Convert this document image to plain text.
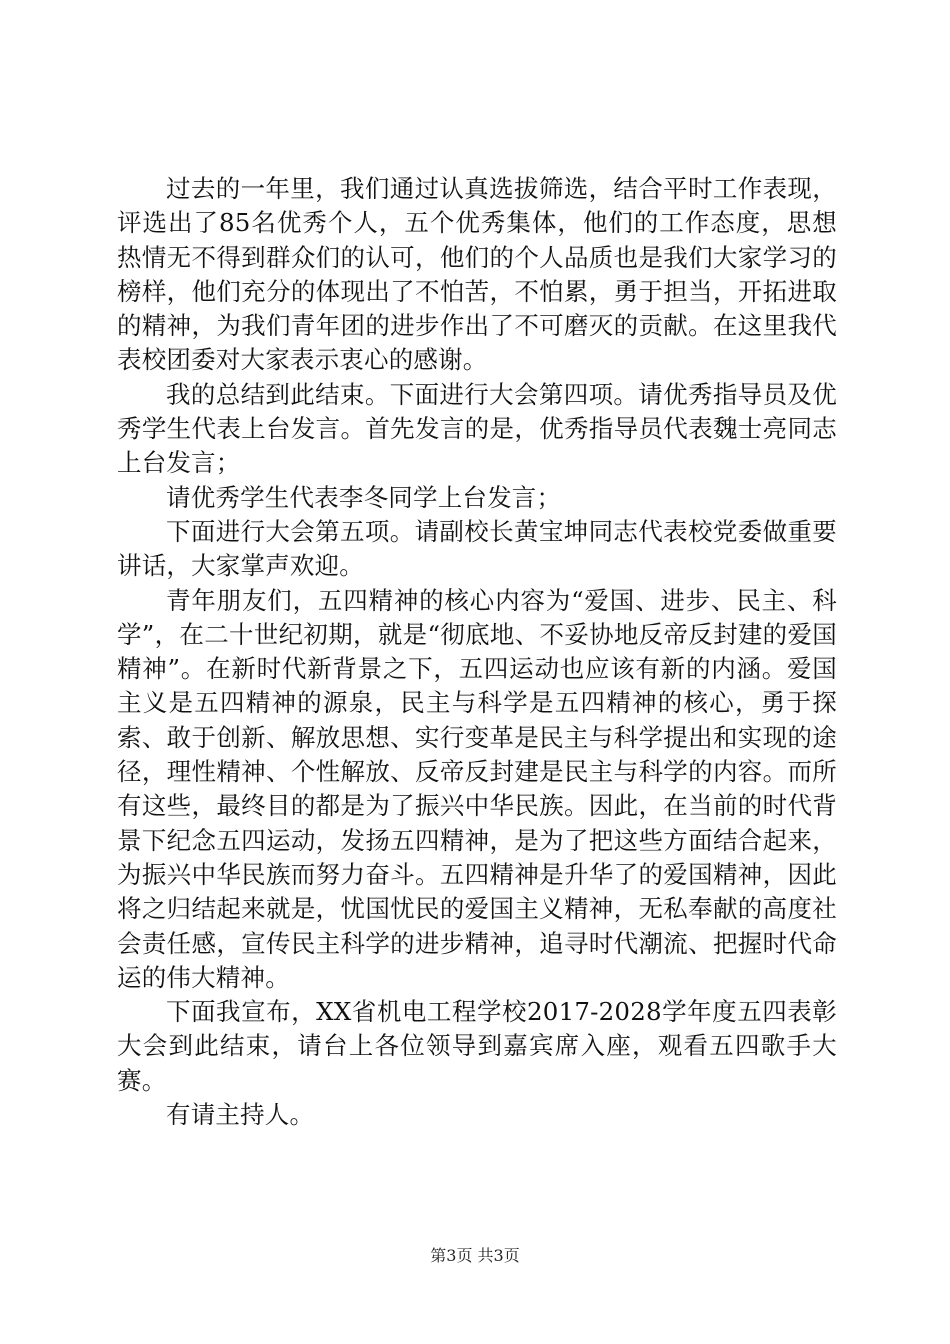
过去的一年里，我们通过认真选拔筛选，结合平时工作表现，评选出了85名优秀个人，五个优秀集体，他们的工作态度，思想热情无不得到群众们的认可，他们的个人品质也是我们大家学习的榜样，他们充分的体现出了不怕苦，不怕累，勇于担当，开拓进取的精神，为我们青年团的进步作出了不可磨灭的贡献。在这里我代表校团委对大家表示衷心的感谢。

我的总结到此结束。下面进行大会第四项。请优秀指导员及优秀学生代表上台发言。首先发言的是，优秀指导员代表魏士亮同志上台发言；

请优秀学生代表李冬同学上台发言；

下面进行大会第五项。请副校长黄宝坤同志代表校党委做重要讲话，大家掌声欢迎。

青年朋友们，五四精神的核心内容为“爱国、进步、民主、科学”，在二十世纪初期，就是“彻底地、不妥协地反帝反封建的爱国精神”。在新时代新背景之下，五四运动也应该有新的内涵。爱国主义是五四精神的源泉，民主与科学是五四精神的核心，勇于探索、敢于创新、解放思想、实行变革是民主与科学提出和实现的途径，理性精神、个性解放、反帝反封建是民主与科学的内容。而所有这些，最终目的都是为了振兴中华民族。因此，在当前的时代背景下纪念五四运动，发扬五四精神，是为了把这些方面结合起来，为振兴中华民族而努力奋斗。五四精神是升华了的爱国精神，因此将之归结起来就是，忧国忧民的爱国主义精神，无私奉献的高度社会责任感，宣传民主科学的进步精神，追寻时代潮流、把握时代命运的伟大精神。

下面我宣布，XX省机电工程学校2017-2028学年度五四表彰大会到此结束，请台上各位领导到嘉宾席入座，观看五四歌手大赛。

有请主持人。

第3页 共3页
